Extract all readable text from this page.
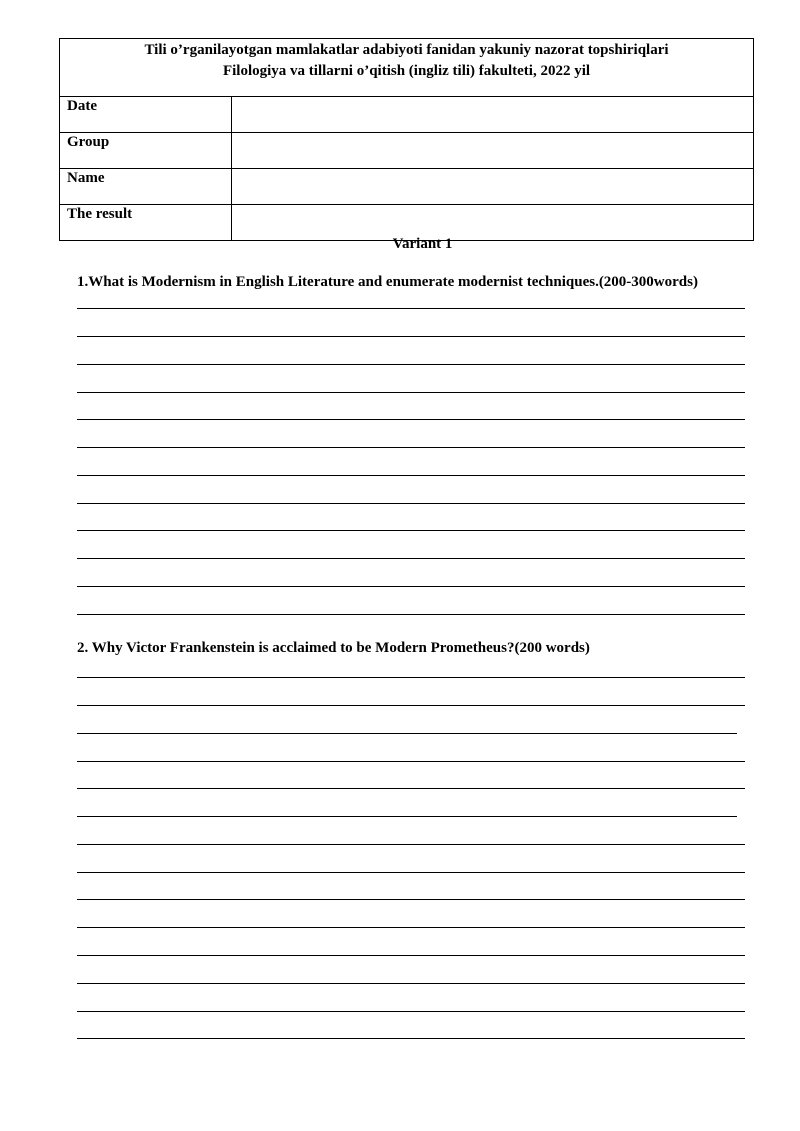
Tili o’rganilayotgan mamlakatlar adabiyoti fanidan yakuniy nazorat topshiriqlari
Filologiya va tillarni o’qitish (ingliz tili) fakulteti, 2022 yil	

Date	
Group	
Name	
The result	
Variant 1
1.What is Modernism in English Literature and enumerate modernist techniques.(200-300words)
2. Why Victor Frankenstein is acclaimed to be Modern Prometheus?(200 words)
